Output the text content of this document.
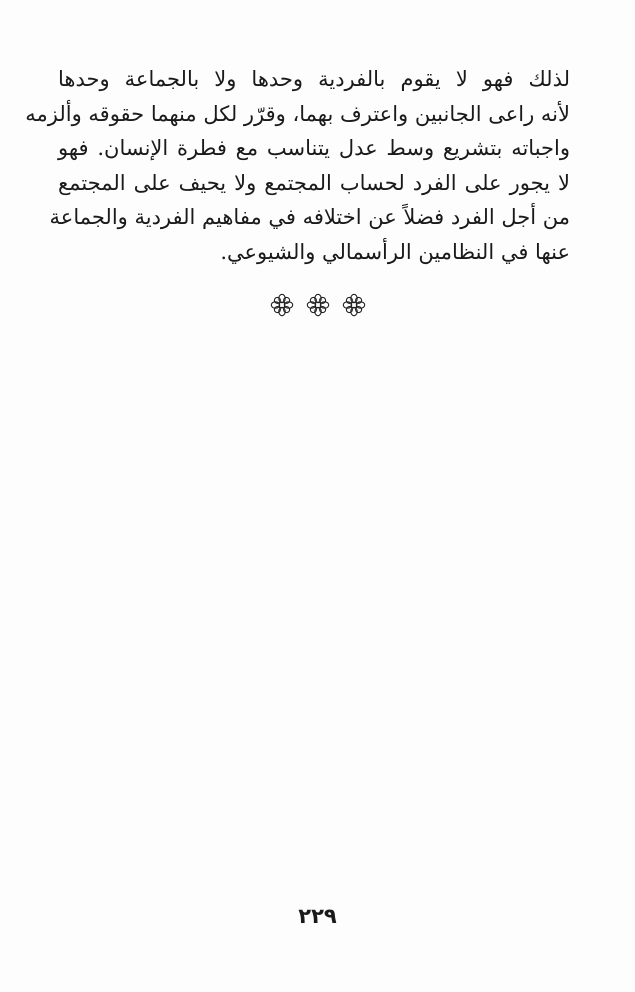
لذلك فهو لا يقوم بالفردية وحدها ولا بالجماعة وحدها
لأنه راعى الجانبين واعترف بهما، وقرّر لكل منهما حقوقه وألزمه
واجباته بتشريع وسط عدل يتناسب مع فطرة الإنسان. فهو
لا يجور على الفرد لحساب المجتمع ولا يحيف على المجتمع
من أجل الفرد فضلاً عن اختلافه في مفاهيم الفردية والجماعة
عنها في النظامين الرأسمالي والشيوعي.
٢٢٩
